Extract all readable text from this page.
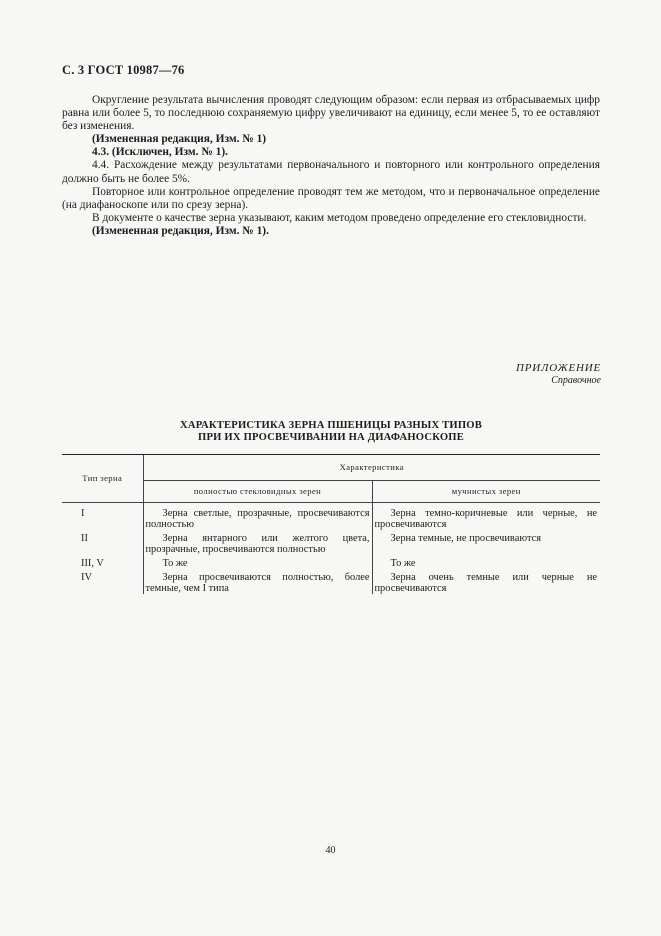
С. 3 ГОСТ 10987—76

Округление результата вычисления проводят следующим образом: если первая из отбрасываемых цифр равна или более 5, то последнюю сохраняемую цифру увеличивают на единицу, если менее 5, то ее оставляют без изменения.

(Измененная редакция, Изм. № 1)

4.3. (Исключен, Изм. № 1).

4.4. Расхождение между результатами первоначального и повторного или контрольного определения должно быть не более 5%.

Повторное или контрольное определение проводят тем же методом, что и первоначальное определение (на диафаноскопе или по срезу зерна).

В документе о качестве зерна указывают, каким методом проведено определение его стекловидности.

(Измененная редакция, Изм. № 1).

ПРИЛОЖЕНИЕ
Справочное
ХАРАКТЕРИСТИКА ЗЕРНА ПШЕНИЦЫ РАЗНЫХ ТИПОВ
ПРИ ИХ ПРОСВЕЧИВАНИИ НА ДИАФАНОСКОПЕ
Тип зерна	Характеристика	
	полностью стекловидных зерен	мучнистых зерен
I	Зерна светлые, прозрачные, просвечиваются полностью	Зерна темно-коричневые или черные, не просвечиваются
II	Зерна янтарного или желтого цвета, прозрачные, просвечиваются полностью	Зерна темные, не просвечиваются
III, V	То же	То же
IV	Зерна просвечиваются полностью, более темные, чем I типа	Зерна очень темные или черные не просвечиваются
40
